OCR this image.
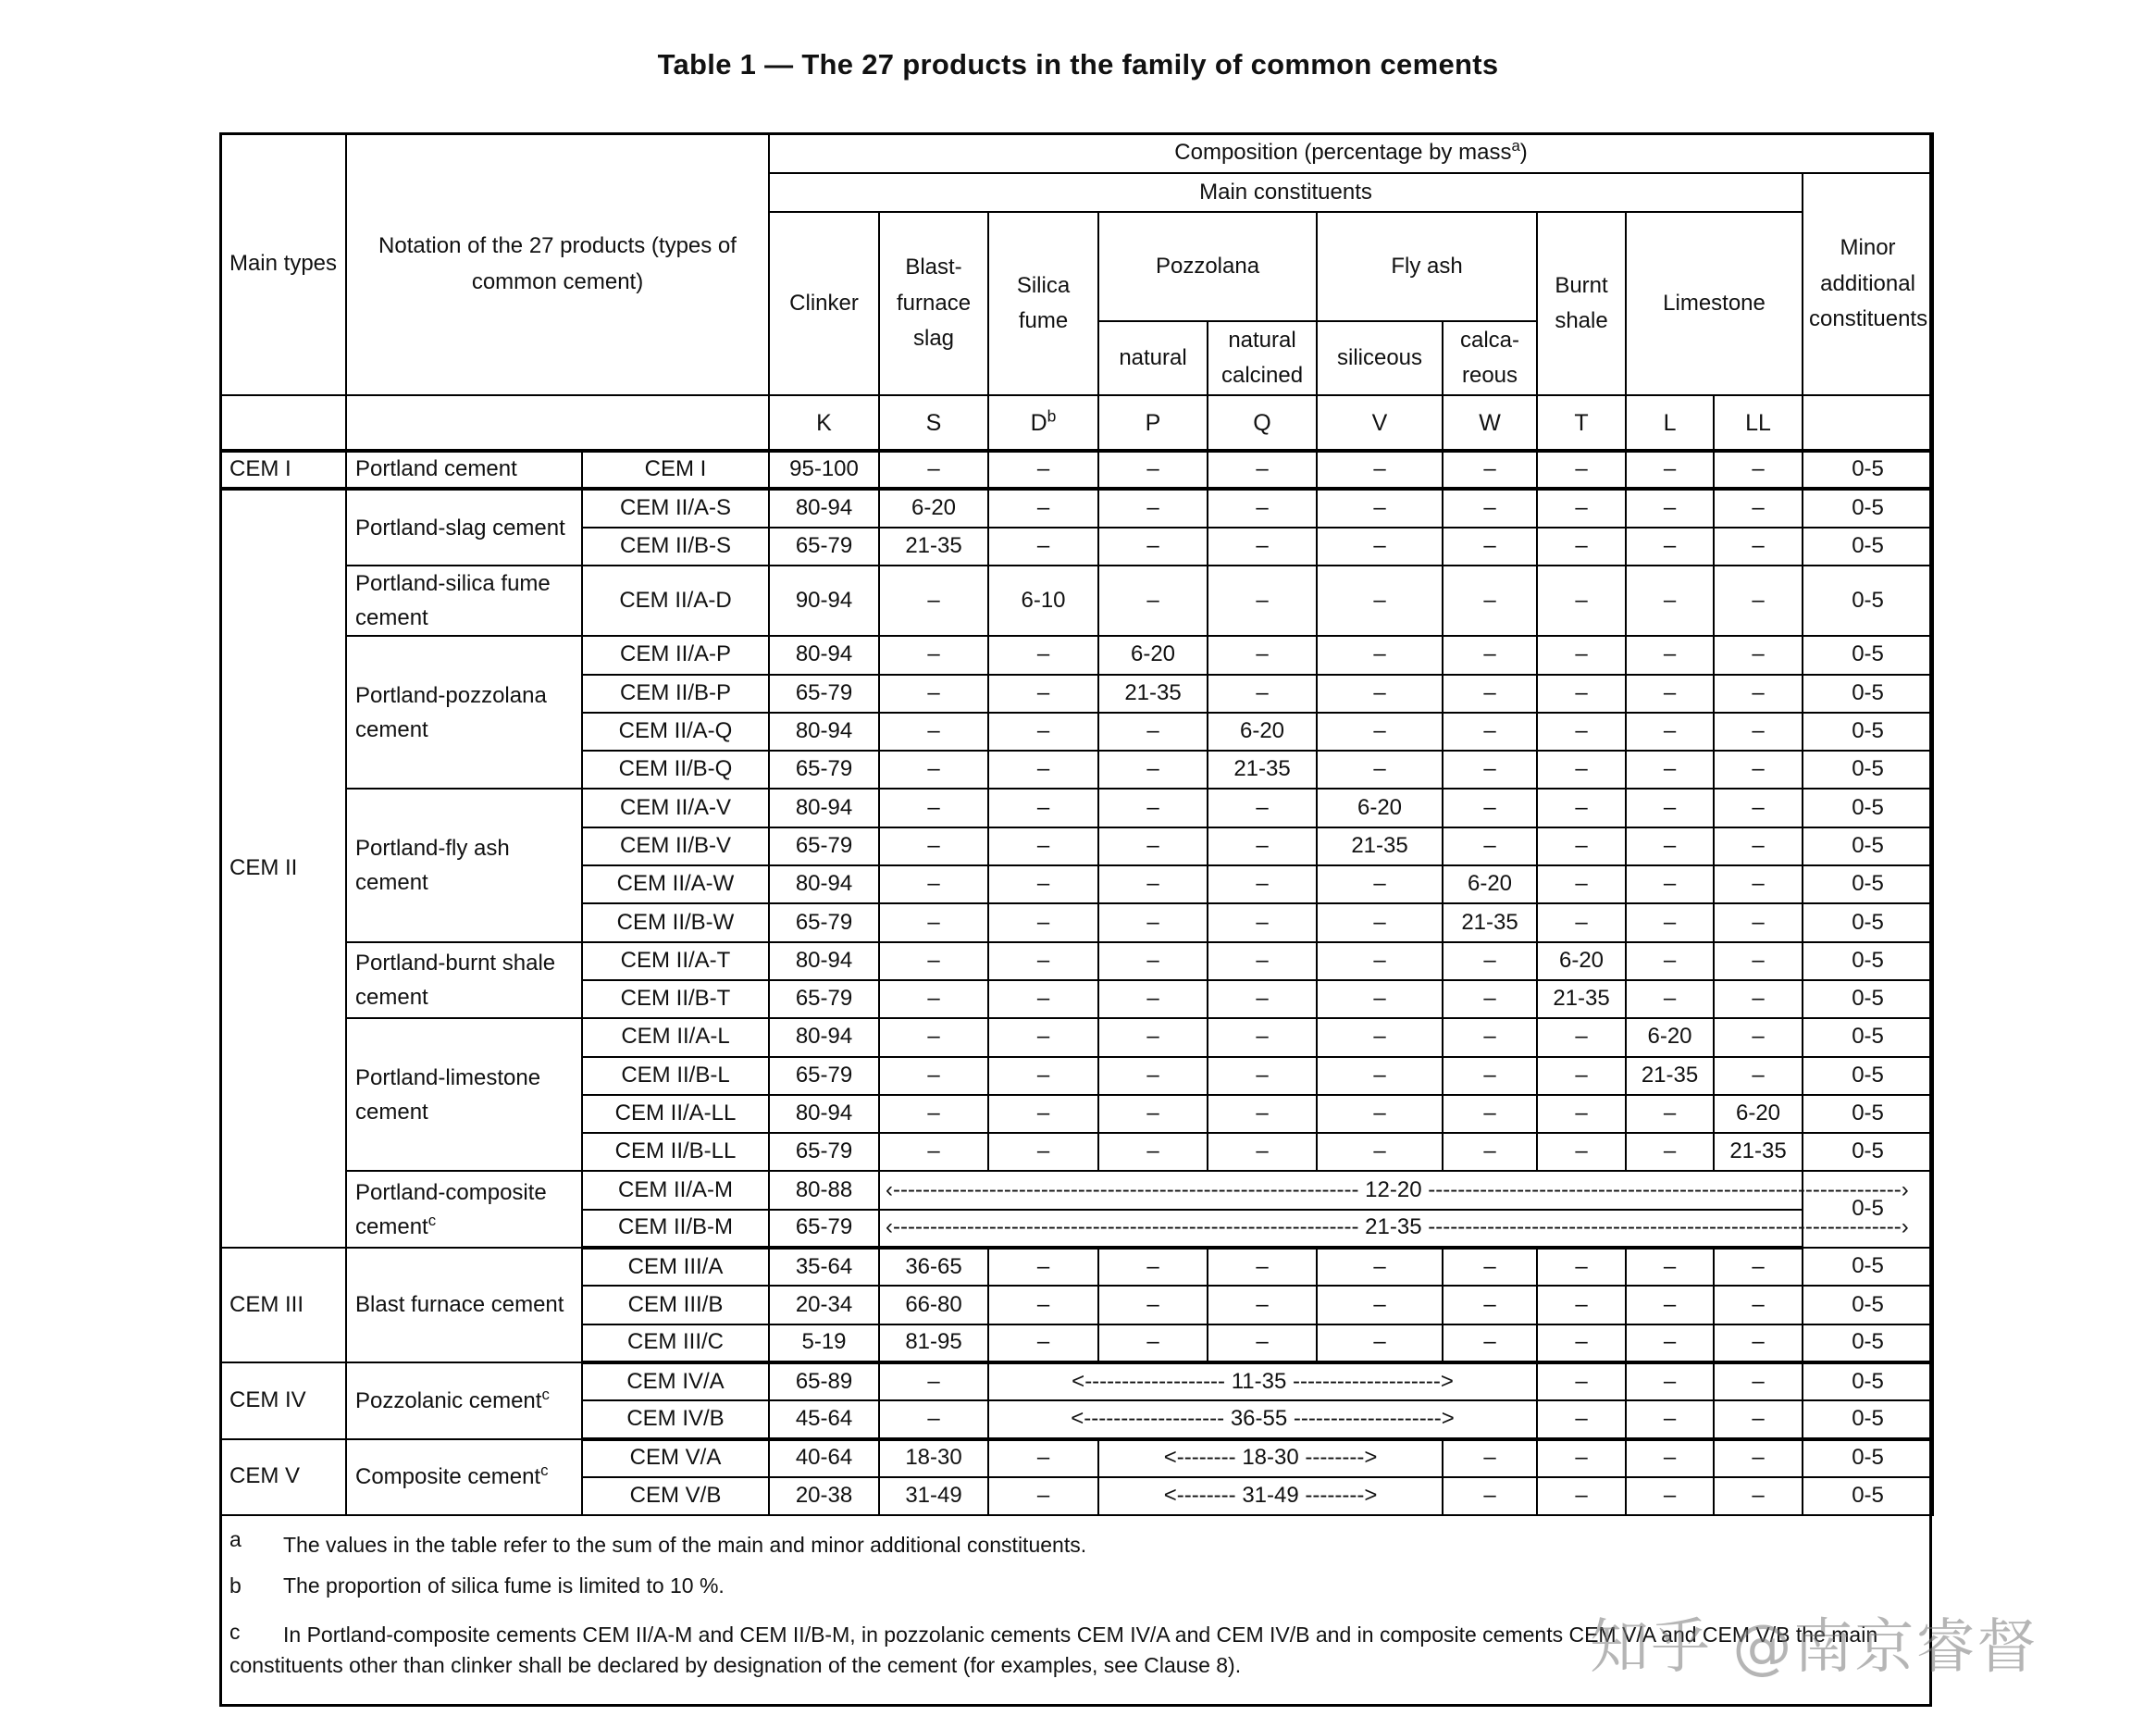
Table 1 — The 27 products in the family of common cements
Main types	Notation of the 27 products (types of common cement)		Composition (percentage by mass$^a$)										
			Main constituents										Minor additional constituents
			Clinker	Blast-furnace slag	Silica fume	Pozzolana		Fly ash		Burnt shale	Limestone		
						natural	natural calcined	siliceous	calca-reous				
			K	S	$D^b$	P	Q	V	W	T	L	LL	
CEM I	Portland cement	CEM I	95-100	–	–	–	–	–	–	–	–	–	0-5
CEM II	Portland-slag cement	CEM II/A-S	80-94	6-20	–	–	–	–	–	–	–	–	0-5
		CEM II/B-S	65-79	21-35	–	–	–	–	–	–	–	–	0-5
	Portland-silica fume cement	CEM II/A-D	90-94	–	6-10	–	–	–	–	–	–	–	0-5
	Portland-pozzolana cement	CEM II/A-P	80-94	–	–	6-20	–	–	–	–	–	–	0-5
		CEM II/B-P	65-79	–	–	21-35	–	–	–	–	–	–	0-5
		CEM II/A-Q	80-94	–	–	–	6-20	–	–	–	–	–	0-5
		CEM II/B-Q	65-79	–	–	–	21-35	–	–	–	–	–	0-5
	Portland-fly ash cement	CEM II/A-V	80-94	–	–	–	–	6-20	–	–	–	–	0-5
		CEM II/B-V	65-79	–	–	–	–	21-35	–	–	–	–	0-5
		CEM II/A-W	80-94	–	–	–	–	–	6-20	–	–	–	0-5
		CEM II/B-W	65-79	–	–	–	–	–	21-35	–	–	–	0-5
	Portland-burnt shale cement	CEM II/A-T	80-94	–	–	–	–	–	–	6-20	–	–	0-5
		CEM II/B-T	65-79	–	–	–	–	–	–	21-35	–	–	0-5
	Portland-limestone cement	CEM II/A-L	80-94	–	–	–	–	–	–	–	6-20	–	0-5
		CEM II/B-L	65-79	–	–	–	–	–	–	–	21-35	–	0-5
		CEM II/A-LL	80-94	–	–	–	–	–	–	–	–	6-20	0-5
		CEM II/B-LL	65-79	–	–	–	–	–	–	–	–	21-35	0-5
	Portland-composite cement$^c$	CEM II/A-M	80-88	‹--------------------------------------------------------------- 12-20 ----------------------------------------------------------------›									0-5
		CEM II/B-M	65-79	‹--------------------------------------------------------------- 21-35 ----------------------------------------------------------------›									
CEM III	Blast furnace cement	CEM III/A	35-64	36-65	–	–	–	–	–	–	–	–	0-5
		CEM III/B	20-34	66-80	–	–	–	–	–	–	–	–	0-5
		CEM III/C	5-19	81-95	–	–	–	–	–	–	–	–	0-5
CEM IV	Pozzolanic cement$^c$	CEM IV/A	65-89	–	<------------------- 11-35 -------------------->					–	–	–	0-5
		CEM IV/B	45-64	–	<------------------- 36-55 -------------------->					–	–	–	0-5
CEM V	Composite cement$^c$	CEM V/A	40-64	18-30	–	<-------- 18-30 -------->			–	–	–	–	0-5
		CEM V/B	20-38	31-49	–	<-------- 31-49 -------->			–	–	–	–	0-5
a The values in the table refer to the sum of the main and minor additional constituents.
b The proportion of silica fume is limited to 10 %.
c	In Portland-composite cements CEM II/A-M and CEM II/B-M, in pozzolanic cements CEM IV/A and CEM IV/B and in composite cements CEM V/A and CEM V/B the main constituents other than clinker shall be declared by designation of the cement (for examples, see Clause 8).	知乎 @南京睿督
